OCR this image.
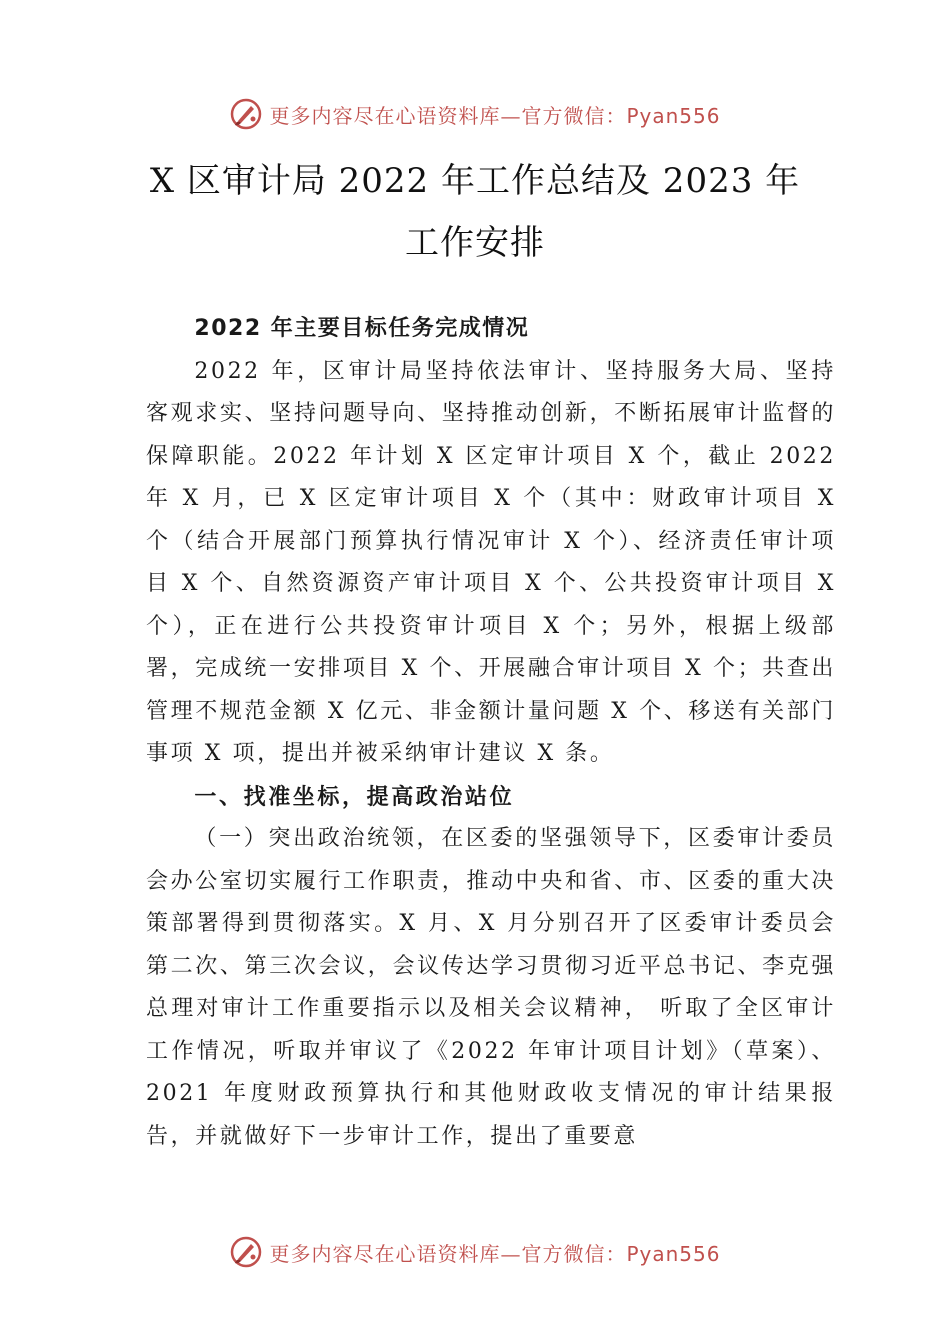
更多内容尽在心语资料库—官方微信：Pyan556
X 区审计局 2022 年工作总结及 2023 年工作安排

2022 年主要目标任务完成情况

2022 年，区审计局坚持依法审计、坚持服务大局、坚持客观求实、坚持问题导向、坚持推动创新，不断拓展审计监督的保障职能。2022 年计划 X 区定审计项目 X 个，截止 2022 年 X 月，已 X 区定审计项目 X 个（其中：财政审计项目 X 个（结合开展部门预算执行情况审计 X 个）、经济责任审计项目 X 个、自然资源资产审计项目 X 个、公共投资审计项目 X 个），正在进行公共投资审计项目 X 个；另外，根据上级部署，完成统一安排项目 X 个、开展融合审计项目 X 个；共查出管理不规范金额 X 亿元、非金额计量问题 X 个、移送有关部门事项 X 项，提出并被采纳审计建议 X 条。

一、找准坐标，提高政治站位

（一）突出政治统领，在区委的坚强领导下，区委审计委员会办公室切实履行工作职责，推动中央和省、市、区委的重大决策部署得到贯彻落实。X 月、X 月分别召开了区委审计委员会第二次、第三次会议，会议传达学习贯彻习近平总书记、李克强总理对审计工作重要指示以及相关会议精神， 听取了全区审计工作情况，听取并审议了《2022 年审计项目计划》（草案）、2021 年度财政预算执行和其他财政收支情况的审计结果报告，并就做好下一步审计工作，提出了重要意

更多内容尽在心语资料库—官方微信：Pyan556
